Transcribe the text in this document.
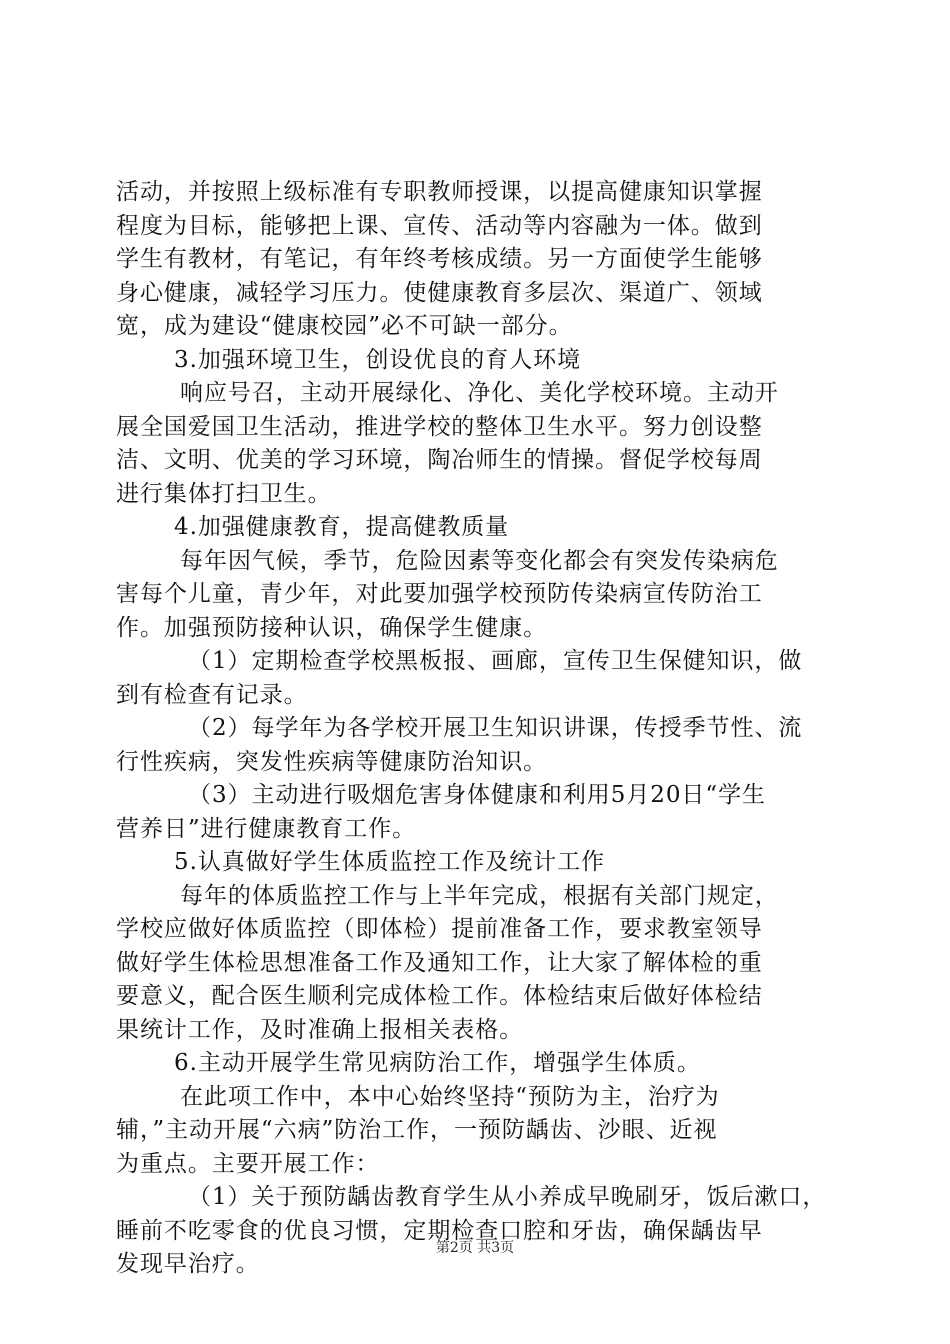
活动，并按照上级标准有专职教师授课，以提高健康知识掌握
程度为目标，能够把上课、宣传、活动等内容融为一体。做到
学生有教材，有笔记，有年终考核成绩。另一方面使学生能够
身心健康，减轻学习压力。使健康教育多层次、渠道广、领域
宽，成为建设“健康校园”必不可缺一部分。
3.加强环境卫生，创设优良的育人环境
响应号召，主动开展绿化、净化、美化学校环境。主动开
展全国爱国卫生活动，推进学校的整体卫生水平。努力创设整
洁、文明、优美的学习环境，陶冶师生的情操。督促学校每周
进行集体打扫卫生。
4.加强健康教育，提高健教质量
每年因气候，季节，危险因素等变化都会有突发传染病危
害每个儿童，青少年，对此要加强学校预防传染病宣传防治工
作。加强预防接种认识，确保学生健康。
（1）定期检查学校黑板报、画廊，宣传卫生保健知识，做
到有检查有记录。
（2）每学年为各学校开展卫生知识讲课，传授季节性、流
行性疾病，突发性疾病等健康防治知识。
（3）主动进行吸烟危害身体健康和利用5月20日“学生
营养日”进行健康教育工作。
5.认真做好学生体质监控工作及统计工作
每年的体质监控工作与上半年完成，根据有关部门规定，
学校应做好体质监控（即体检）提前准备工作，要求教室领导
做好学生体检思想准备工作及通知工作，让大家了解体检的重
要意义，配合医生顺利完成体检工作。体检结束后做好体检结
果统计工作，及时准确上报相关表格。
6.主动开展学生常见病防治工作，增强学生体质。
在此项工作中，本中心始终坚持“预防为主，治疗为
辅，”主动开展“六病”防治工作，一预防龋齿、沙眼、近视
为重点。主要开展工作：
（1）关于预防龋齿教育学生从小养成早晚刷牙，饭后漱口，
睡前不吃零食的优良习惯，定期检查口腔和牙齿，确保龋齿早
发现早治疗。
第2页 共3页
